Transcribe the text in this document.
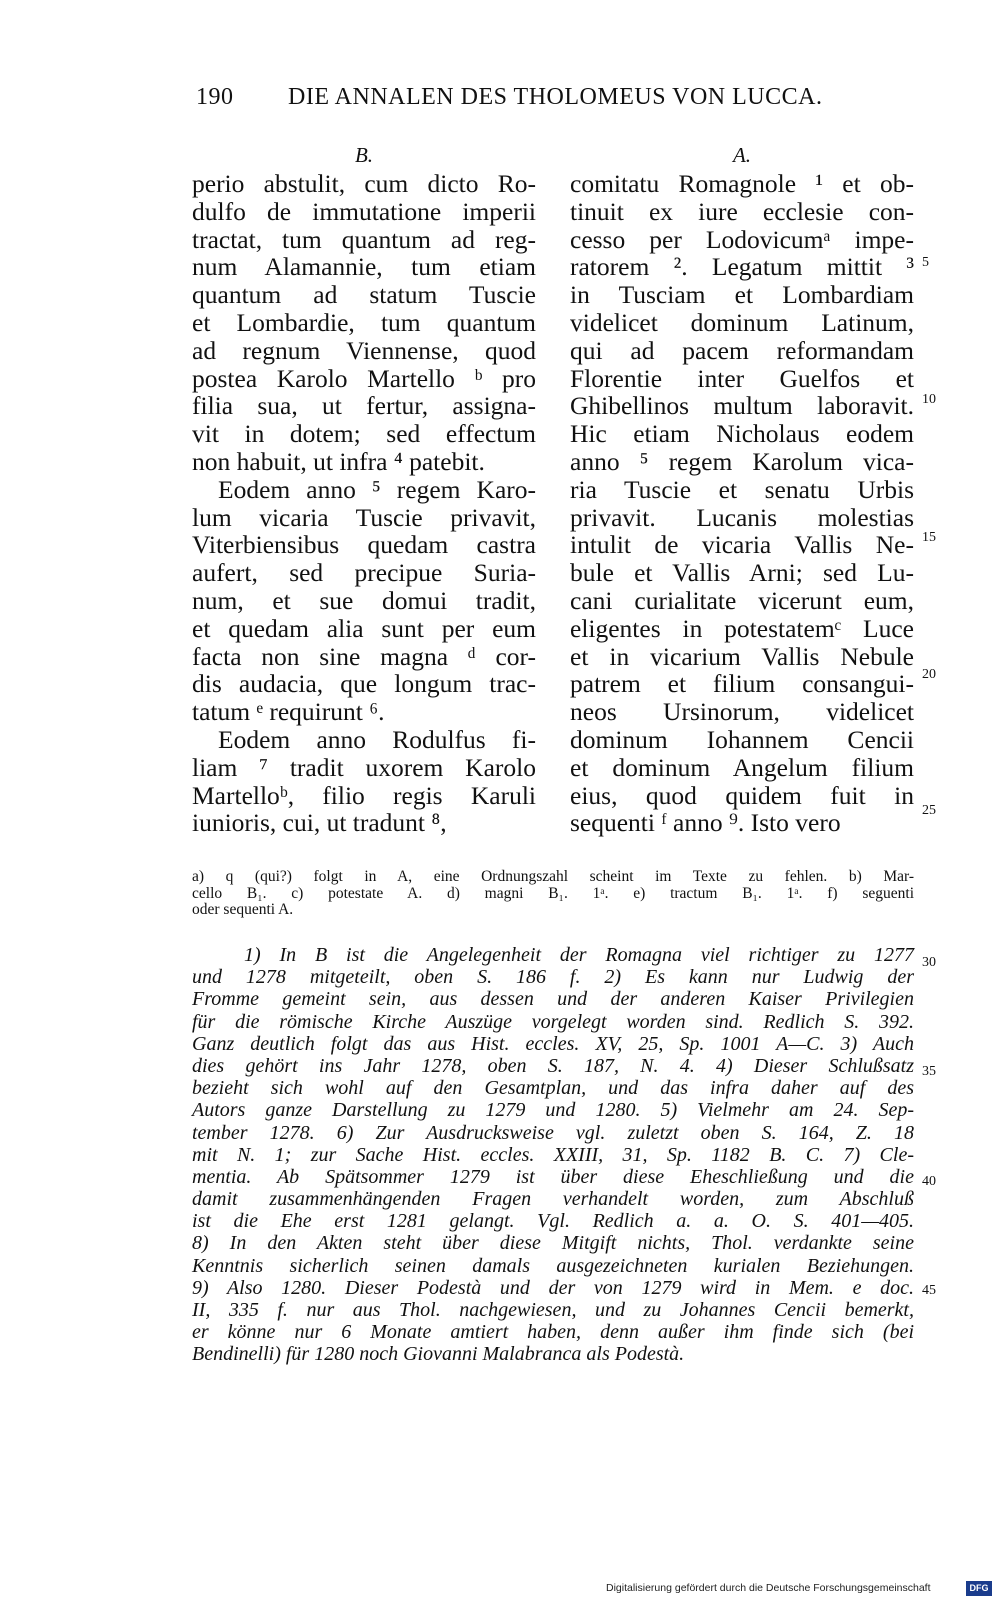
190 DIE ANNALEN DES THOLOMEUS VON LUCCA.
B.
perio abstulit, cum dicto Ro-
dulfo de immutatione imperii
tractat, tum quantum ad reg-
num Alamannie, tum etiam
quantum ad statum Tuscie
et Lombardie, tum quantum
ad regnum Viennense, quod
postea Karolo Martello ᵇ pro
filia sua, ut fertur, assigna-
vit in dotem; sed effectum
non habuit, ut infra ⁴ patebit.
Eodem anno ⁵ regem Karo-
lum vicaria Tuscie privavit,
Viterbiensibus quedam castra
aufert, sed precipue Suria-
num, et sue domui tradit,
et quedam alia sunt per eum
facta non sine magna ᵈ cor-
dis audacia, que longum trac-
tatum ᵉ requirunt ⁶.
Eodem anno Rodulfus fi-
liam ⁷ tradit uxorem Karolo
Martelloᵇ, filio regis Karuli
iunioris, cui, ut tradunt ⁸,
A.
comitatu Romagnole ¹ et ob-
tinuit ex iure ecclesie con-
cesso per Lodovicumᵃ impe-
ratorem ². Legatum mittit ³
in Tusciam et Lombardiam
videlicet dominum Latinum,
qui ad pacem reformandam
Florentie inter Guelfos et
Ghibellinos multum laboravit.
Hic etiam Nicholaus eodem
anno ⁵ regem Karolum vica-
ria Tuscie et senatu Urbis
privavit. Lucanis molestias
intulit de vicaria Vallis Ne-
bule et Vallis Arni; sed Lu-
cani curialitate vicerunt eum,
eligentes in potestatemᶜ Luce
et in vicarium Vallis Nebule
patrem et filium consangui-
neos Ursinorum, videlicet
dominum Iohannem Cencii
et dominum Angelum filium
eius, quod quidem fuit in
sequenti ᶠ anno ⁹. Isto vero
5
10
15
20
25
30
35
40
45
a) q (qui?) folgt in A, eine Ordnungszahl scheint im Texte zu fehlen. b) Mar-
cello B₁. c) potestate A. d) magni B₁. 1ᵃ. e) tractum B₁. 1ᵃ. f) seguenti
oder sequenti A.
1) In B ist die Angelegenheit der Romagna viel richtiger zu 1277
und 1278 mitgeteilt, oben S. 186 f. 2) Es kann nur Ludwig der
Fromme gemeint sein, aus dessen und der anderen Kaiser Privilegien
für die römische Kirche Auszüge vorgelegt worden sind. Redlich S. 392.
Ganz deutlich folgt das aus Hist. eccles. XV, 25, Sp. 1001 A—C. 3) Auch
dies gehört ins Jahr 1278, oben S. 187, N. 4. 4) Dieser Schlußsatz
bezieht sich wohl auf den Gesamtplan, und das infra daher auf des
Autors ganze Darstellung zu 1279 und 1280. 5) Vielmehr am 24. Sep-
tember 1278. 6) Zur Ausdrucksweise vgl. zuletzt oben S. 164, Z. 18
mit N. 1; zur Sache Hist. eccles. XXIII, 31, Sp. 1182 B. C. 7) Cle-
mentia. Ab Spätsommer 1279 ist über diese Eheschließung und die
damit zusammenhängenden Fragen verhandelt worden, zum Abschluß
ist die Ehe erst 1281 gelangt. Vgl. Redlich a. a. O. S. 401—405.
8) In den Akten steht über diese Mitgift nichts, Thol. verdankte seine
Kenntnis sicherlich seinen damals ausgezeichneten kurialen Beziehungen.
9) Also 1280. Dieser Podestà und der von 1279 wird in Mem. e doc.
II, 335 f. nur aus Thol. nachgewiesen, und zu Johannes Cencii bemerkt,
er könne nur 6 Monate amtiert haben, denn außer ihm finde sich (bei
Bendinelli) für 1280 noch Giovanni Malabranca als Podestà.
Digitalisierung gefördert durch die Deutsche Forschungsgemeinschaft	DFG
